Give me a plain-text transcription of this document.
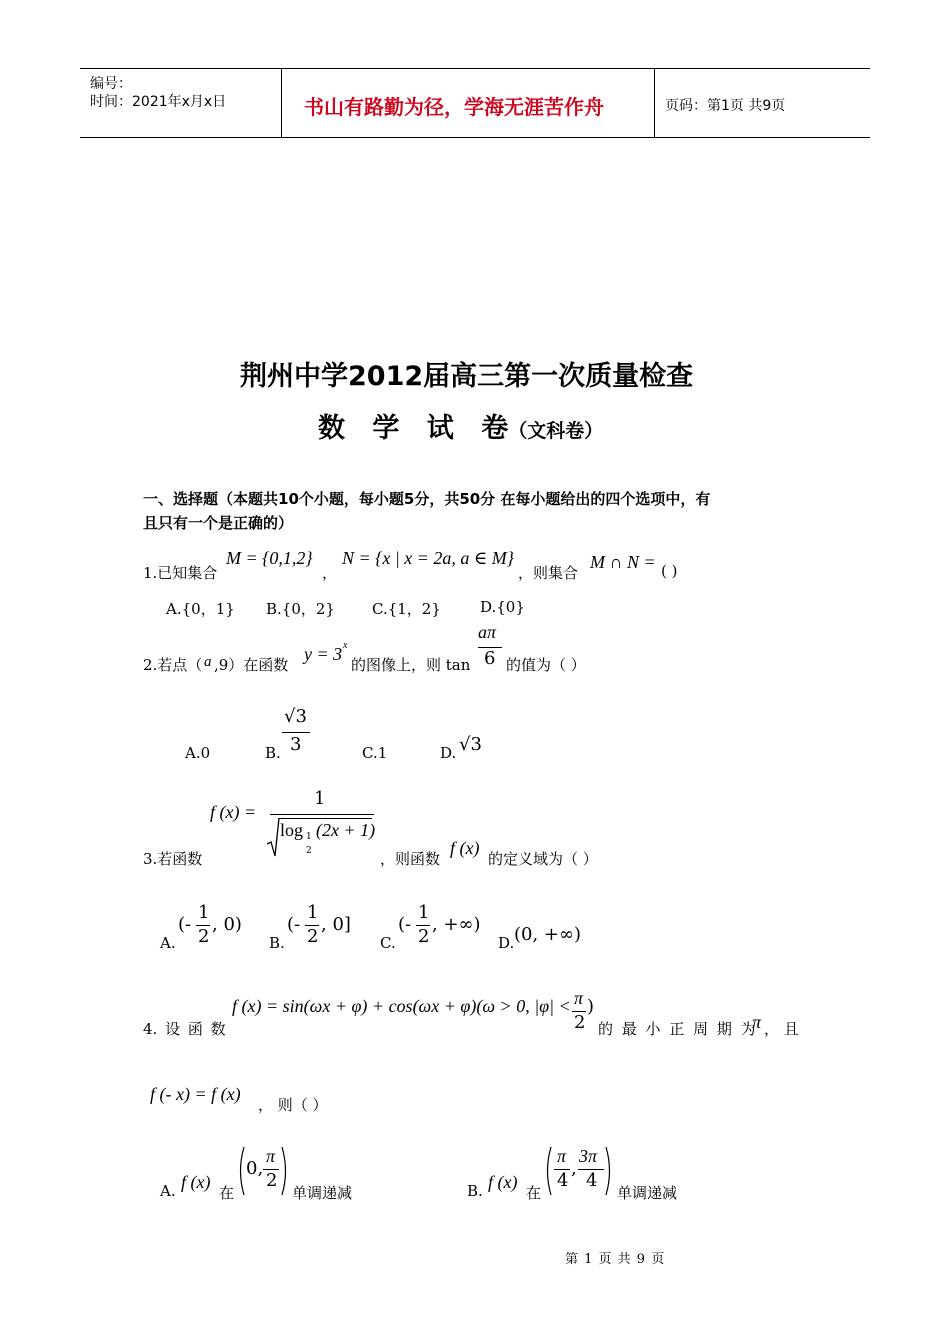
编号：
时间：2021年x月x日	书山有路勤为径，学海无涯苦作舟	页码：第1页 共9页
荆州中学2012届高三第一次质量检查
数 学 试 卷（文科卷）
一、选择题（本题共10个小题，每小题5分，共50分 在每小题给出的四个选项中，有
且只有一个是正确的）
1.已知集合
M = {0,1,2}
，
N = {x | x = 2a, a ∈ M}
，则集合
M ∩ N = ( )
A.{0，1} B.{0，2} C.{1，2}	D.{0}
2.若点（ a ,9）在函数
y = 3 x
的图像上，则 tan
aπ
6 的值为（ ）
A.0	B.
√3
3	C.1	D. √3
f (x) =
1
log 1
2
(2x + 1)
3.若函数	，则函数
f (x)
的定义域为（ ）
A.
(-
1
2
, 0)
B.
(-
1
2
, 0]
C.
(-
1
2
, +∞)
D. (0, +∞)
4. 设 函 数
f (x) = sin(ωx + φ) + cos(ωx + φ)(ω > 0, |φ| < π
2
)
的 最 小 正 周 期 为
π ， 且
f (- x) = f (x)
， 则（ ）
A. f (x)
在
0,
π
2
单调递减	B. f (x)
在
π
4
,
3π
4
单调递减
第 1 页 共 9 页
